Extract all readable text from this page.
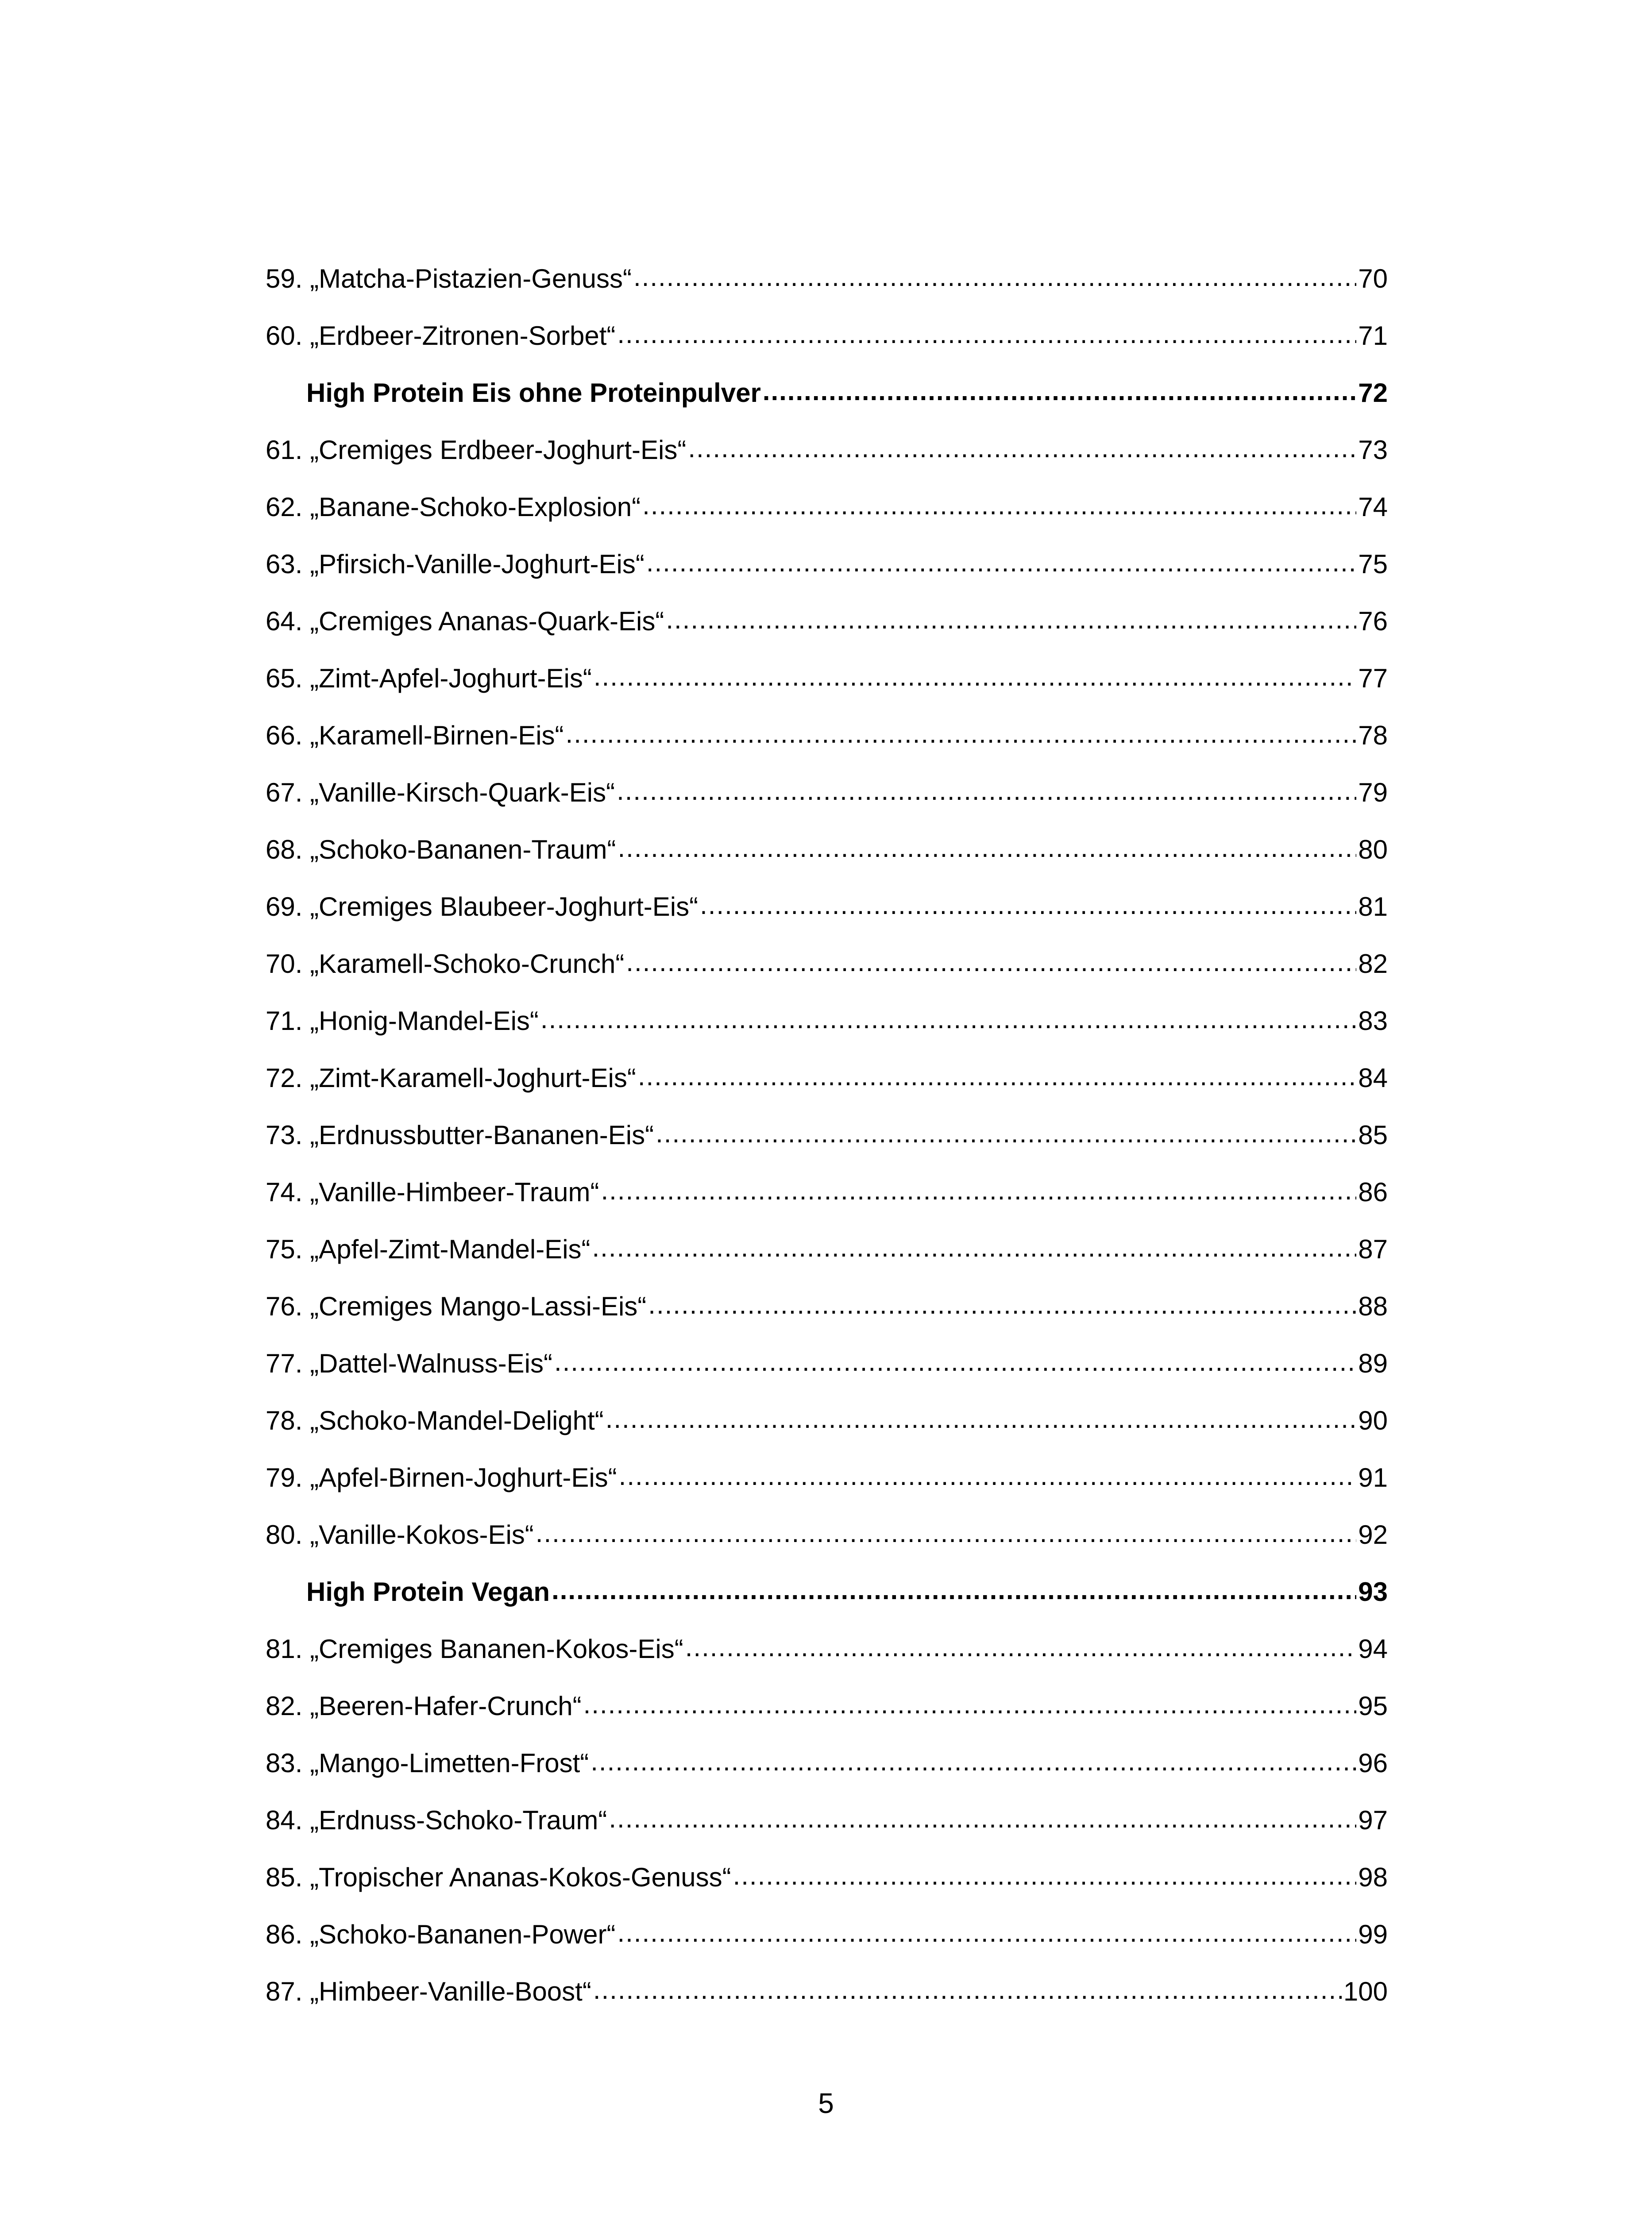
59. „Matcha-Pistazien-Genuss“ .....	70
60. „Erdbeer-Zitronen-Sorbet“ .....	71
High Protein Eis ohne Proteinpulver .....	72
61. „Cremiges Erdbeer-Joghurt-Eis“ .....	73
62. „Banane-Schoko-Explosion“ .....	74
63. „Pfirsich-Vanille-Joghurt-Eis“ .....	75
64. „Cremiges Ananas-Quark-Eis“ .....	76
65. „Zimt-Apfel-Joghurt-Eis“ .....	77
66. „Karamell-Birnen-Eis“ .....	78
67. „Vanille-Kirsch-Quark-Eis“ .....	79
68. „Schoko-Bananen-Traum“ .....	80
69. „Cremiges Blaubeer-Joghurt-Eis“ .....	81
70. „Karamell-Schoko-Crunch“ .....	82
71. „Honig-Mandel-Eis“ .....	83
72. „Zimt-Karamell-Joghurt-Eis“ .....	84
73. „Erdnussbutter-Bananen-Eis“ .....	85
74. „Vanille-Himbeer-Traum“ .....	86
75. „Apfel-Zimt-Mandel-Eis“ .....	87
76. „Cremiges Mango-Lassi-Eis“ .....	88
77. „Dattel-Walnuss-Eis“ .....	89
78. „Schoko-Mandel-Delight“ .....	90
79. „Apfel-Birnen-Joghurt-Eis“ .....	91
80. „Vanille-Kokos-Eis“ .....	92
High Protein Vegan .....	93
81. „Cremiges Bananen-Kokos-Eis“ .....	94
82. „Beeren-Hafer-Crunch“ .....	95
83. „Mango-Limetten-Frost“ .....	96
84. „Erdnuss-Schoko-Traum“ .....	97
85. „Tropischer Ananas-Kokos-Genuss“ .....	98
86. „Schoko-Bananen-Power“ .....	99
87. „Himbeer-Vanille-Boost“ .....	100
5
